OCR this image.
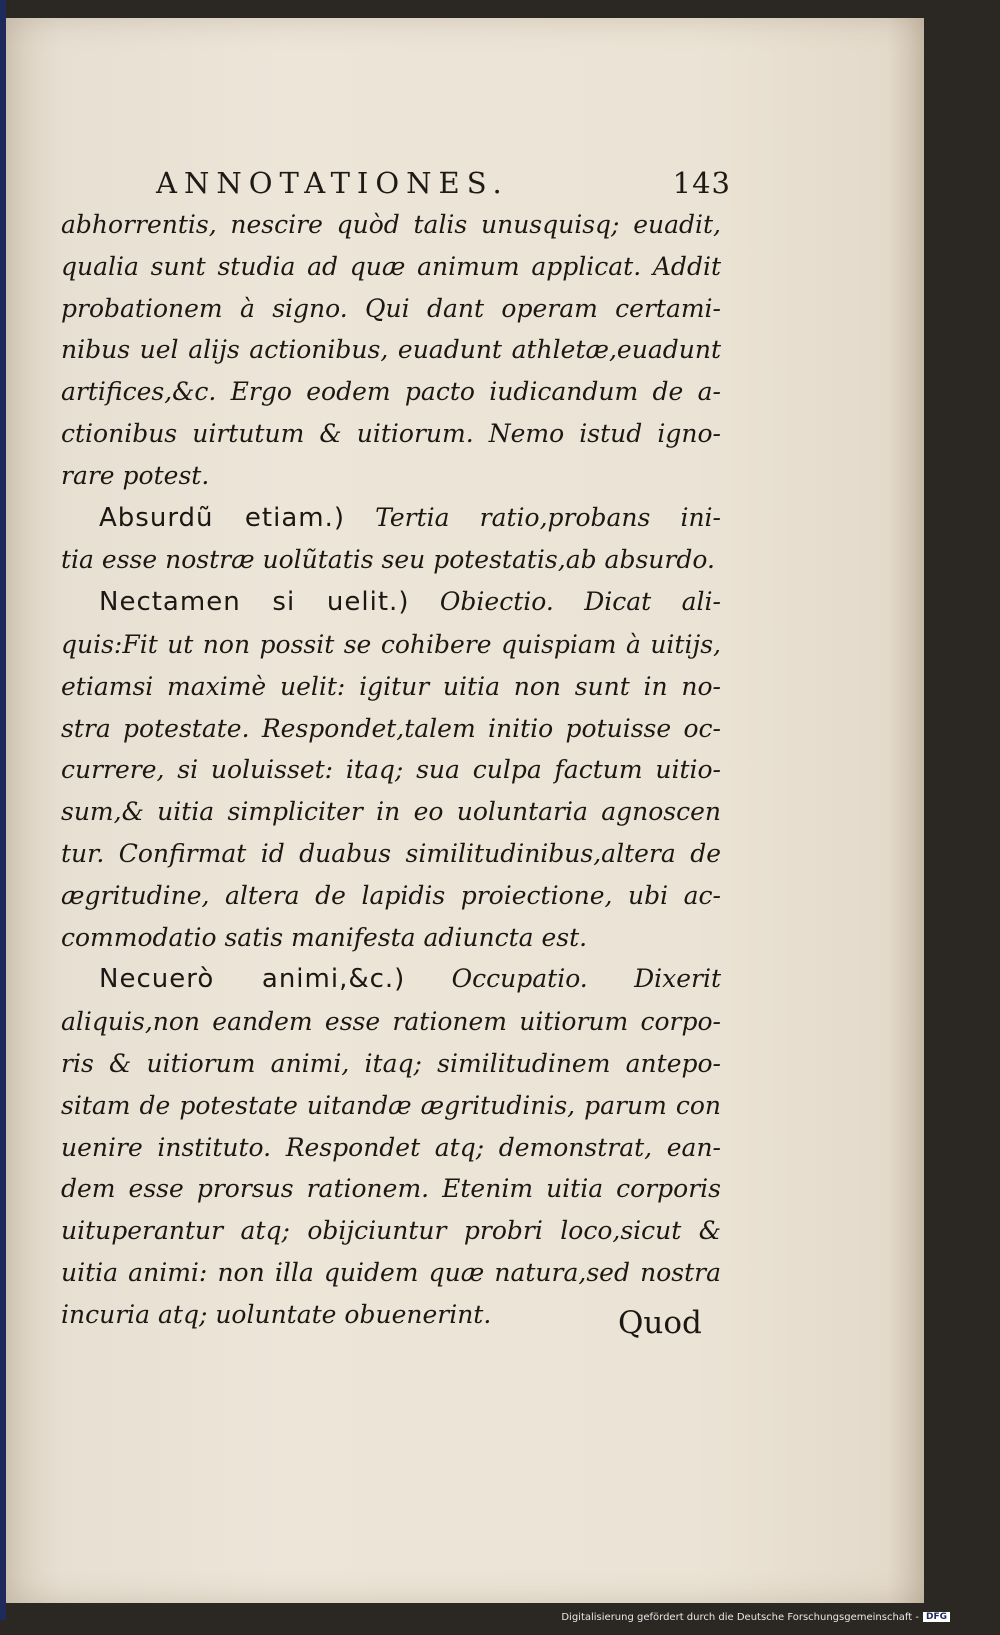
ANNOTATIONES.	143
abhorrentis, nescire quòd talis unusquisq; euadit,
qualia sunt studia ad quæ animum applicat. Addit
probationem à signo. Qui dant operam certami-
nibus uel alijs actionibus, euadunt athletæ,euadunt
artifices,&c. Ergo eodem pacto iudicandum de a-
ctionibus uirtutum & uitiorum. Nemo istud igno-
rare potest.
Absurdũ etiam.) Tertia ratio,probans ini-
tia esse nostræ uolũtatis seu potestatis,ab absurdo.
Nectamen si uelit.) Obiectio. Dicat ali-
quis:Fit ut non possit se cohibere quispiam à uitijs,
etiamsi maximè uelit: igitur uitia non sunt in no-
stra potestate. Respondet,talem initio potuisse oc-
currere, si uoluisset: itaq; sua culpa factum uitio-
sum,& uitia simpliciter in eo uoluntaria agnoscen
tur. Confirmat id duabus similitudinibus,altera de
ægritudine, altera de lapidis proiectione, ubi ac-
commodatio satis manifesta adiuncta est.
Necuerò animi,&c.) Occupatio. Dixerit
aliquis,non eandem esse rationem uitiorum corpo-
ris & uitiorum animi, itaq; similitudinem antepo-
sitam de potestate uitandæ ægritudinis, parum con
uenire instituto. Respondet atq; demonstrat, ean-
dem esse prorsus rationem. Etenim uitia corporis
uituperantur atq; obijciuntur probri loco,sicut &
uitia animi: non illa quidem quæ natura,sed nostra
incuria atq; uoluntate obuenerint.	Quod
Digitalisierung gefördert durch die Deutsche Forschungsgemeinschaft - DFG
